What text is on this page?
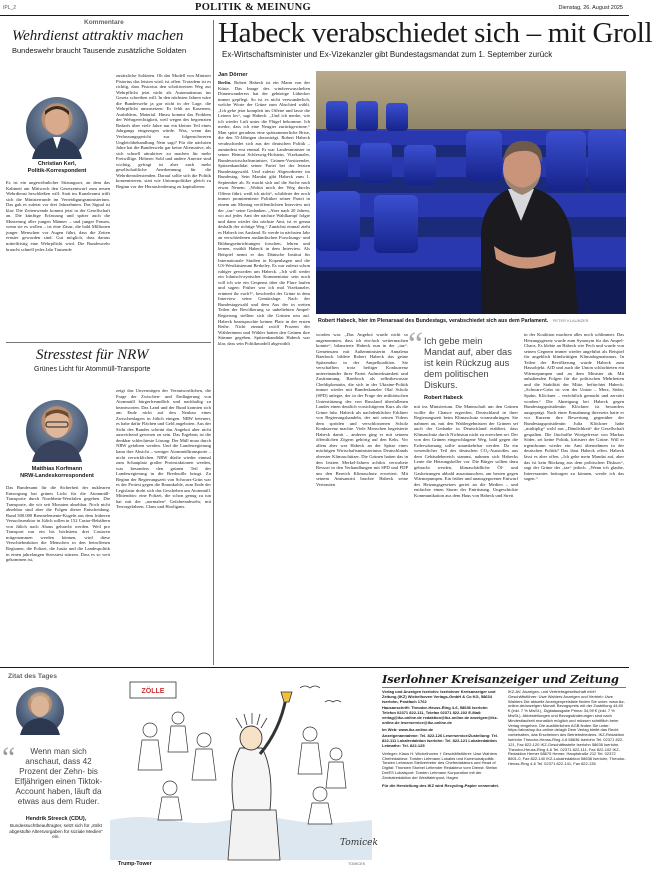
IPL_2	POLITIK & MEINUNG	Dienstag, 26. August 2025
Kommentare
Wehrdienst attraktiv machen
Bundeswehr braucht Tausende zusätzliche Soldaten
Christian Kerl,
Politik-Korrespondent

Es ist ein ungewöhnlicher Sitzungsort, an dem das Kabinett am Mittwoch den Gesetzentwurf zum neuen Wehrdienst beschließen will: Statt im Kanzleramt trifft sich die Ministerrunde im Verteidigungsministerium. Das gab es zuletzt vor drei Jahrzehnten. Das Signal ist klar: Die Zeitenwende kommt jetzt in der Gesellschaft an. Die künftige Erfassung und später auch die Musterung aller jungen Männer – und junger Frauen, wenn sie es wollen – ist eine Zäsur, die bald Millionen junger Menschen vor Augen führt, dass die Zeiten ernster geworden sind. Gut möglich, dass daraus mittelfristig eine Wehrpflicht wird. Die Bundeswehr braucht schnell jedes Jahr Tausende

zusätzliche Soldaten. Ob das Modell von Minister Pistorius das leisten wird, ist offen. Trotzdem ist es richtig, dass Pistorius den schrittweisen Weg zur Wehrpflicht jetzt nicht als Automatismus ins Gesetz schreiben will. In den nächsten Jahren wäre die Bundeswehr ja gar nicht in der Lage, die Wehrpflicht umzusetzen: Es fehlt an Kasernen, Ausbildern, Material. Hinzu kommt das Problem der Wehrgerechtigkeit, weil wegen des begrenzten Bedarfs über viele Jahre nur ein kleiner Teil eines Jahrgangs eingezogen würde. Was, wenn das Verfassungsgericht zur folgenschweren Ungleichbehandlung Nein sagt? Für die nächsten Jahre hat die Bundeswehr gar keine Alternative, als sich schnell attraktiver zu machen für mehr Freiwillige. Höherer Sold und andere Anreize sind wichtig, gefragt ist aber auch mehr gesellschaftliche Anerkennung für die Wehrdienstleistenden. Darauf sollte sich die Politik konzentrieren, statt wie Unionspolitiker gleich zu Beginn vor der Herausforderung zu kapitulieren.

Stresstest für NRW
Grünes Licht für Atommüll-Transporte
Matthias Korfmann
NRW-Landeskorrespondent

Das Bundesamt für die Sicherheit der nuklearen Entsorgung hat grünes Licht für die Atommüll-Transporte durch Nordrhein-Westfalen gegeben. Die Transporte, die wir seit Monaten absehbar. Noch nicht absehbar sind aber die Folgen dieser Entscheidung. Rund 300.000 Brennelemente-Kugeln aus dem früheren Versuchsreaktor in Jülich sollen in 152 Castor-Behältern von Jülich nach Ahaus gebracht werden. Weil pro Transport nur ein bis höchstens drei Castoren mitgenommen werden können, wird diese Verschiebeaktion die Menschen in den betroffenen Regionen, die Polizei, die Justiz und die Landespolitik in einen jahrelangen Stresstest stürzen. Dass es so weit gekommen ist,

zeigt das Unvermögen der Verantwortlichen, die Frage der Zwischen- und Endlagerung von Atommüll bürgerfreundlich und nachhaltig zu beantworten. Das Land und der Bund konnten sich am Ende nicht auf den Neubau eines Zwischenlagers in Jülich einigen. NRW beteuert, es habe dafür Flächen und Geld angeboten. Aus der Sicht des Bundes scheint das Angebot aber nicht ausreichend gewesen zu sein. Das Ergebnis ist die denkbar schlechteste Lösung: Der Müll muss durch NRW gefahren werden. Und die Landesregierung kann ihre Absicht – weniger Atommülltransporte – nicht verwirklichen. NRW dürfte wieder einmal zum Schauplatz großer Protestaktionen werden, was besonders den grünen Teil der Landesregierung in die Bredouille bringt. Zu Beginn der Regierungszeit von Schwarz-Grün war es der Protest gegen die Braunkohle, zum Ende der Legislatur droht sich das Geschehen um Atommüll. Mittendrin: eine Polizei, die schon genug zu tun hat mit der „normalen“ Gefahrenabwehr, mit Terrorgefahren, Clans und Hooligans.

Habeck verabschiedet sich – mit Groll
Ex-Wirtschaftsminister und Ex-Vizekanzler gibt Bundestagsmandat zum 1. September zurück
Jan Dörner

Berlin. Robert Habeck ist ein Mann von der Küste. Das Image des windverwuschelten Dünenwanderers hat der gebürtige Lübecker immer gepflegt. So ist es nicht verwunderlich, welche Worte der Grüne zum Abschied wählt. „Ich gehe jetzt komplett ins Offene und lasse die Leinen los“, sagt Habeck. „Und ich merke, wie ich wieder Luft unter die Flügel bekomme. Ich merke, dass ich eine Neugier zurückgewinne.“ Man spürt geradezu eine spätsommerliche Brise, die den 55-Jährigen davonträgt. Robert Habeck verabschiedet sich aus der deutschen Politik – zumindest erst einmal. Er war Landesminister in seiner Heimat Schleswig-Holstein, Vizekanzler, Bundeswirtschaftsminister, Grünen-Vorsitzender, Spitzenkandidat seiner Partei bei der letzten Bundestagswahl. Und zuletzt Abgeordneter im Bundestag. Sein Mandat gibt Habeck zum 1. September ab. Er macht sich auf die Suche nach etwas Neuem. „Wohin mich der Weg durchs Offene führt, weiß ich nicht“, schilderte der noch immer prominenteste Politiker seiner Partei in einem am Montag veröffentlichten Interview mit der „taz“ seine Gedanken. „Aber nach 20 Jahren, wo auf jedes Amt der nächste Wahlkampf folgte und dann wieder das nächste Amt, ist er genau deshalb der richtige Weg.“ Zunächst einmal zieht es Habeck ins Ausland. Er werde in nächsten Jahr an verschiedenen ausländischen Forschungs- und Bildungseinrichtungen forschen, lehren und lernen, erzählt Habeck in dem Interview. Als Beispiel nennt er das Dänische Institut für Internationale Studien in Kopenhagen und die US-Westküstenuni Berkeley. Es war zuletzt schon ruhiger geworden um Habeck. „Ich will weder ein lohnisch-zynischer Kommentator sein noch will ich wie ein Gespenst über die Flure laufen und sagen: Früher war ich mal Vizekanzler, erinnert ihr euch?“, beschreibt der Grüne in dem Interview seine Gemütslage. Nach der Bundestagswahl und dem Aus der in weiten Teilen der Bevölkerung so unbeliebten Ampel-Regierung stellten sich die Grünen neu auf. Habeck beanspruchte keinen Platz in der ersten Reihe. Nicht einmal zwölf Prozent der Wählerinnen und Wähler hatten den Grünen ihre Stimme gegeben. Spitzenkandidat Habeck war klar, dass sein Politikmodell abgewählt

Robert Habeck, hier im Plenarsaal des Bundestags, verabschiedet sich aus dem Parlament. PETER KLAUNZER

worden war. „Das Angebot wurde nicht so angenommen, dass ich ein-fach weitermachen konnte“, bilanzierte Habeck nun in der „taz“. Gemeinsam mit Außenministerin Annalena Baerbock bildete Robert Habeck das grüne Spitzenduo in der Ampelkoalition. Sie verschafften trotz heftiger Konkurrenz untereinander ihrer Partei Aufmerksamkeit und Zustimmung. Baerbock als selbstbewusste Chefdiplomatin, die sich in der Ukraine-Politik immer wieder mit Bundeskanzler Olaf Scholz (SPD) anlegte, der in der Frage der militärischen Unterstützung des von Russland überfallenen Landes einen deutlich vorsichtigeren Kurs als die Grüne fuhr. Habeck als nachdenklicher Erklärer von Regierungshandeln, der mit seinen Videos dem spröden und verschlossenen Scholz Konkurrenz machte. Viele Menschen begeisterte Habeck damit – anderen ging er mit seinem öffentlichen Zögern gehörig auf den Keks. Vor allem aber war Habeck an der Spitze eines mächtigen Wirtschaftsministeriums Deutschlands oberster Klimaschützer. Die Grünen hatten das in den letzten Merkel-Jahren achtlos verwaltete Ressort in den Verhandlungen mit SPD und FDP um den Bereich Klimaschutz erweitert. Mit seinem Amtsantritt brachte Habeck seine Vertrauten

“ Ich gebe mein Mandat auf, aber das ist kein Rückzug aus dem politischen Diskurs.
Robert Habeck

mit ins Ministerium. Die Mannschaft um den Grünen wollte die Chance ergreifen, Deutschland in ihrer Regierungszeit beim Klimaschutz voranzubringen. Sie nahmen an, mit den Wahlergebnissen der Grünen sei auch der Gedanke in Deutschland etabliert, dass Klimaschutz durch Nichtstun nicht zu erreichen sei. Der von den Grünen eingeschlagene Weg, bald gegen die Erderwärmung sollte unumkehrbar werden. Da ein wesentlicher Teil des deutschen CO₂-Ausstoßes aus dem Gebäudebereich stammt, nahmen sich Habecks Leute die Heizungskeller vor. Die Bürger sollten dazu gebracht werden, klimaschädliche Öl- und Gasheizungen abbald auszutauschen, am besten gegen Wärmepumpen. Ein früher und unausgegorener Entwurf des Heizungsgesetzes geriet an die Medien – und entfachte einen Sturm der Entrüstung. Ungeschickte Kommunikation aus dem Haus von Habeck und Streit

in der Koalition machten alles noch schlimmer. Das Heizungsgesetz wurde zum Synonym für das Ampel-Chaos. Es klebte an Habeck wie Pech und wurde von seinen Gegnern immer wieder angeführt als Beispiel für angeblich blindwütigen Klimadogmatismus. In Teilen der Bevölkerung wurde Habeck zum Hassobjekt. AfD und auch die Union schlachteten ein Wärmepumpen und an dem Minister ab. Mit anhaltenden Folgen für die politischen Mehrheiten und die Stabilität der Mitte, befürchtet Habeck: „Schwarz-Grün ist von der Union – Merz, Söder, Spahn, Klöckner – verächtlich gemacht und zerstört worden.“ Die Abneigung bei Habeck gegen Bundestagspräsidentin Klöckner ist besonders ausgeprägt. Nach einer Ermahnung ihrerseits hatte er vor Kurzem ihre Bewertung gegenüber der Bundestagspräsidentin Julia Klöckner habe „multiplig“ wohl aus „Dämlichkeit“ die Gesellschaft gespalten. Die Jäschaffte Wortgefresse von Markus Söder, sei keine Politik, kritisiert der Grüne. Will er irgendwann wieder ein Amt übernehmen in der deutschen Politik? Das lässt Habeck offen. Habeck lässt es aber offen. „Ich gehe mein Mandat auf, aber das ist kein Rückzug aus dem politischen Diskurs“, sagt der Grüne der „taz“ jedoch. „Wenn ich glaube, Interessantes beitragen zu können, werde ich das sagen.“

Zitat des Tages
“	Wenn man sich anschaut, dass 42 Prozent der Zehn- bis Elfjährigen einen Tiktok-Account haben, läuft da etwas aus dem Ruder.
Hendrik Streeck (CDU),
Bundessuchtbeauftragter, setzt sich für „strikt abgestufte Altersvorgaben für soziale Medien“ ein.
ZÖLLE
Tomicek
Trump-Tower	TOMICEK
Iserlohner Kreisanzeiger und Zeitung
Verlag und Anzeigen Iserlohn: Iserlohner Kreisanzeiger und Zeitung (IKZ) Wichelhoven Verlags-GmbH & Co KG, 58634 Iserlohn, Postfach 1762
Hausanschrift: Theodor-Heuss-Ring 4-6, 58636 Iserlohn Telefon 02371 822-111, Telefax 02371 822-102 E-Mail: verlag@ikz-online.de redaktion@ikz-online.de anzeigen@ikz-online.de leserservice@ikz-online.de
Im Web: www.ikz-online.de
Anzeigenannahme: Tel. 822-126 Leserservice/Zustellung: Tel. 822-111 Lokalredaktion Iserlohn: Tel. 822-121 Lokalredaktion Letmathe: Tel. 822-125
Verleger: Klaus H. Wichelhoven † Geschäftsführer: Uwe Wahlers Chefredakteur: Torsten Lehmann Lokales und Kommunalpolitik: Torsten Lehmann Stellvertreter des Chefredakteurs und Head of Digital: Thorsten Storbel Leitender Redakteur vom Dienst: Stefan DreES Lokalsport: Torsten Lehmann Korporation mit der Zentralredaktion der Westfalenpost, Hagen
Für die Herstellung des IKZ wird Recycling-Papier verwendet.
IKZ-AV, Anzeigen- und Vertriebsgesellschaft mbH Geschäftsführer: Uwe Wahlers Anzeigen und Vertrieb: Uwe Wahlers Die aktuelle Anzeigenpreisliste finden Sie unter: www.ikz-online.de/anzeigen Monatl. Bezugspreis mit der Zustellung 44,60 € (inkl. 7 % MwSt.), Digitalausgabe Prima: 34,99 € (inkl. 7 % MwSt.). Abbestellungen und Bezugsänderungen sind nach Mindestlaufzeit monatlich möglich und müssen schriftlich beim Verlag eingehen. Die ausführlichen AGB finden Sie unter: https://aboshop.ikz-online.de/agb Dem Verlag bleibt das Recht vorbehalten, das Erscheinen des Betriebsfriedens. IKZ-Redaktion Iserlohn Theodor-Heuss-Ring 4-6 58636 Iserlohn Tel. 02371 822-121, Fax 822-120 IKZ-Geschäftsstelle Iserlohn 58636 Iserlohn, Theodor-Heuss-Ring 4-6 Tel. 02371 822-111, Fax 822-102 IKZ-Redaktion Hemer 58675 Hemer, Hauptstraße 212 Tel. 02372 8601-0, Fax 822-140 IKZ-Lokalredaktion 58636 Iserlohn, Theodor-Heuss-Ring 4-6 Tel. 02371 822-141, Fax 822-135
